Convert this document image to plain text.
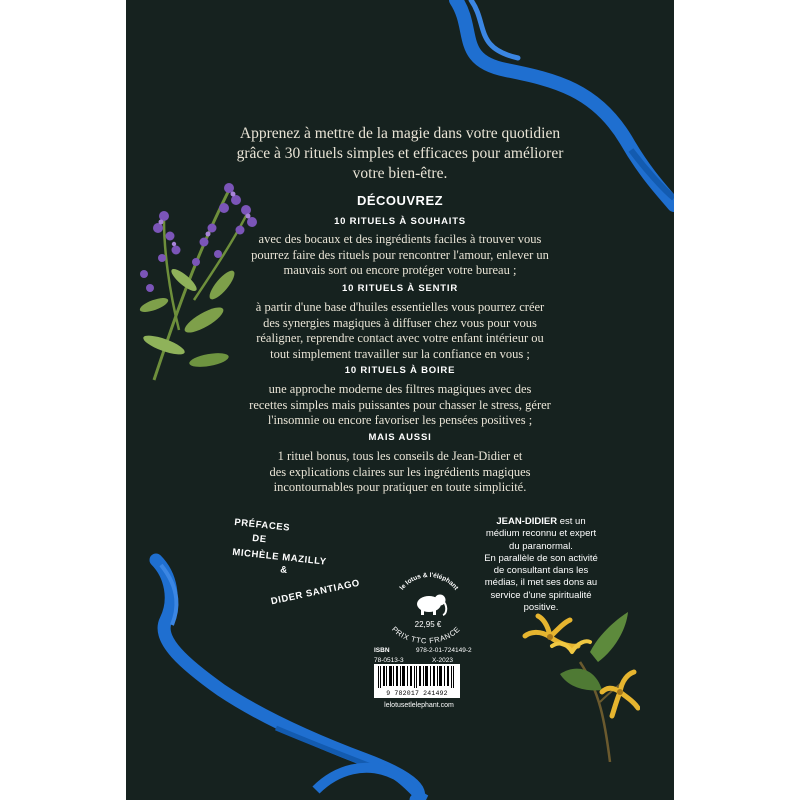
Apprenez à mettre de la magie dans votre quotidien
grâce à 30 rituels simples et efficaces pour améliorer
votre bien-être.
DÉCOUVREZ
10 RITUELS À SOUHAITS
avec des bocaux et des ingrédients faciles à trouver vous
pourrez faire des rituels pour rencontrer l'amour, enlever un
mauvais sort ou encore protéger votre bureau ;
10 RITUELS À SENTIR
à partir d'une base d'huiles essentielles vous pourrez créer
des synergies magiques à diffuser chez vous pour vous
réaligner, reprendre contact avec votre enfant intérieur ou
tout simplement travailler sur la confiance en vous ;
10 RITUELS À BOIRE
une approche moderne des filtres magiques avec des
recettes simples mais puissantes pour chasser le stress, gérer
l'insomnie ou encore favoriser les pensées positives ;
MAIS AUSSI
1 rituel bonus, tous les conseils de Jean-Didier et
des explications claires sur les ingrédients magiques
incontournables pour pratiquer en toute simplicité.
PRÉFACES
DE
MICHÈLE MAZILLY
&
DIDER SANTIAGO
JEAN-DIDIER est un
médium reconnu et expert
du paranormal.
En parallèle de son activité
de consultant dans les
médias, il met ses dons au
service d'une spiritualité
positive.
le lotus & l'éléphant
22,95 €
PRIX TTC FRANCE
ISBN	978-2-01-724149-2
78-0513-3	X-2023
9 782017 241492
lelotusetlelephant.com
